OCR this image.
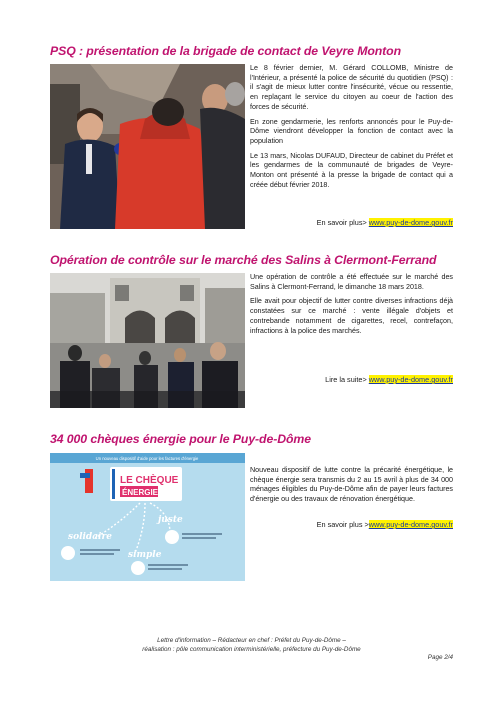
PSQ : présentation de la brigade de contact de Veyre Monton

Le 8 février dernier, M. Gérard COLLOMB, Ministre de l'Intérieur, a présenté la police de sécurité du quotidien (PSQ) : il s'agit de mieux lutter contre l'insécurité, vécue ou ressentie, en replaçant le service du citoyen au coeur de l'action des forces de sécurité.

En zone gendarmerie, les renforts annoncés pour le Puy-de-Dôme viendront développer la fonction de contact avec la population

Le 13 mars, Nicolas DUFAUD, Directeur de cabinet du Préfet et les gendarmes de la communauté de brigades de Veyre-Monton ont présenté à la presse la brigade de contact qui a créée début février 2018.

En savoir plus> www.puy-de-dome.gouv.fr
Opération de contrôle sur le marché des Salins à Clermont-Ferrand

Une opération de contrôle a été effectuée sur le marché des Salins à Clermont-Ferrand, le dimanche 18 mars 2018.

Elle avait pour objectif de lutter contre diverses infractions déjà constatées sur ce marché : vente illégale d'objets et contrebande notamment de cigarettes, recel, contrefaçon, infractions à la police des marchés.

Lire la suite> www.puy-de-dome.gouv.fr
34 000 chèques énergie pour le Puy-de-Dôme
Un nouveau dispositif d'aide pour les factures d'énergie
LE CHÈQUE
ÉNERGIE
solidaire
juste
simple

Nouveau dispositif de lutte contre la précarité énergétique, le chèque énergie sera transmis du 2 au 15 avril à plus de 34 000 ménages éligibles du Puy-de-Dôme afin de payer leurs factures d'énergie ou des travaux de rénovation énergétique.

En savoir plus >www.puy-de-dome.gouv.fr

Lettre d'information – Rédacteur en chef : Préfet du Puy-de-Dôme –

réalisation : pôle communication interministérielle, préfecture du Puy-de-Dôme

Page 2/4
